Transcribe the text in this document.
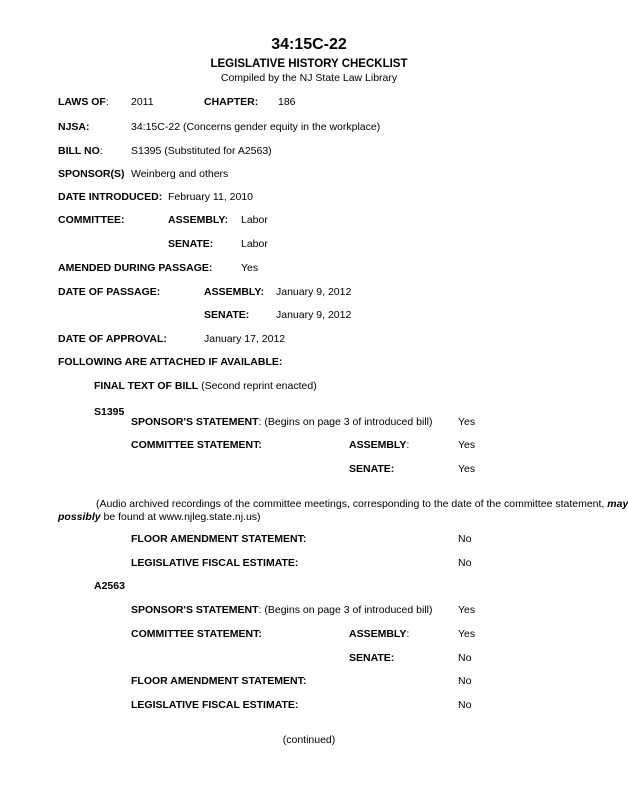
34:15C-22
LEGISLATIVE HISTORY CHECKLIST
Compiled by the NJ State Law Library
LAWS OF: 2011	CHAPTER: 186
NJSA:	34:15C-22 (Concerns gender equity in the workplace)
BILL NO:	S1395 (Substituted for A2563)
SPONSOR(S) Weinberg and others
DATE INTRODUCED: February 11, 2010
COMMITTEE:	ASSEMBLY: Labor
SENATE:	Labor
AMENDED DURING PASSAGE:	Yes
DATE OF PASSAGE:	ASSEMBLY: January 9, 2012
SENATE:	January 9, 2012
DATE OF APPROVAL:	January 17, 2012
FOLLOWING ARE ATTACHED IF AVAILABLE:
FINAL TEXT OF BILL (Second reprint enacted)
S1395
SPONSOR'S STATEMENT: (Begins on page 3 of introduced bill) Yes
COMMITTEE STATEMENT:	ASSEMBLY:	Yes
SENATE:	Yes
(Audio archived recordings of the committee meetings, corresponding to the date of the committee statement, may
possibly be found at www.njleg.state.nj.us)
FLOOR AMENDMENT STATEMENT:	No
LEGISLATIVE FISCAL ESTIMATE:	No
A2563
SPONSOR'S STATEMENT: (Begins on page 3 of introduced bill) Yes
COMMITTEE STATEMENT:	ASSEMBLY:	Yes
SENATE:	No
FLOOR AMENDMENT STATEMENT:	No
LEGISLATIVE FISCAL ESTIMATE:	No
(continued)
